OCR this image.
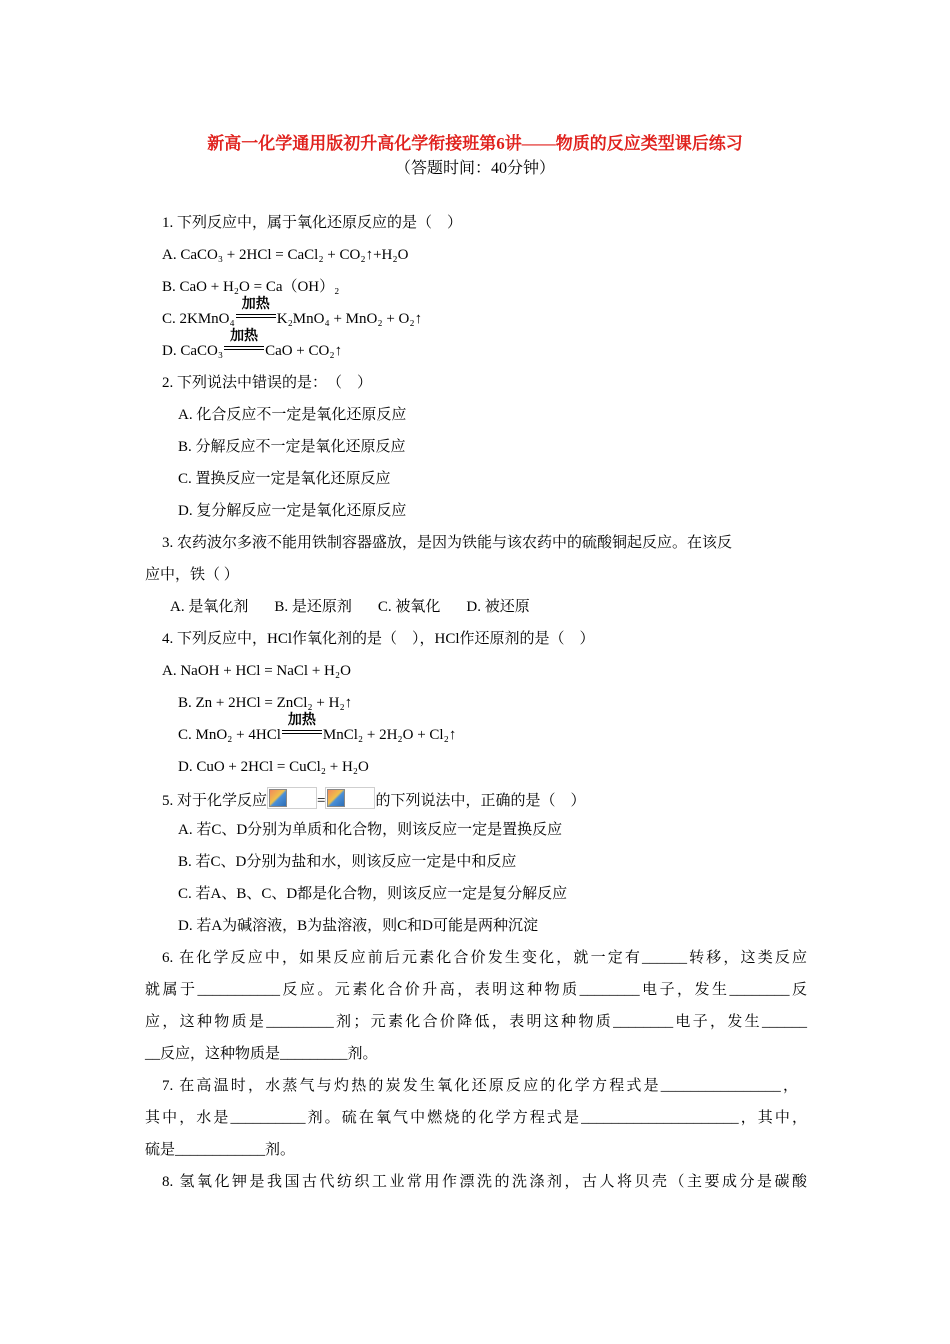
新高一化学通用版初升高化学衔接班第6讲——物质的反应类型课后练习
（答题时间：40分钟）
1. 下列反应中，属于氧化还原反应的是（　）
A. CaCO₃ + 2HCl = CaCl₂ + CO₂↑+H₂O
B. CaO + H₂O = Ca（OH）₂
C. 2KMnO₄
加热
K₂MnO₄ + MnO₂ + O₂↑
D. CaCO₃
加热
CaO + CO₂↑
2. 下列说法中错误的是：　（　）
A. 化合反应不一定是氧化还原反应
B. 分解反应不一定是氧化还原反应
C. 置换反应一定是氧化还原反应
D. 复分解反应一定是氧化还原反应
3. 农药波尔多液不能用铁制容器盛放，是因为铁能与该农药中的硫酸铜起反应。在该反
应中，铁（ ）
A. 是氧化剂 B. 是还原剂 C. 被氧化 D. 被还原
4. 下列反应中，HCl作氧化剂的是（　），HCl作还原剂的是（　）
A. NaOH + HCl = NaCl + H₂O
B. Zn + 2HCl = ZnCl₂ + H₂↑
C. MnO₂ + 4HCl
加热
MnCl₂ + 2H₂O + Cl₂↑
D. CuO + 2HCl = CuCl₂ + H₂O
5. 对于化学反应	=	的下列说法中，正确的是（　）
A. 若C、D分别为单质和化合物，则该反应一定是置换反应
B. 若C、D分别为盐和水，则该反应一定是中和反应
C. 若A、B、C、D都是化合物，则该反应一定是复分解反应
D. 若A为碱溶液，B为盐溶液，则C和D可能是两种沉淀
6. 在化学反应中，如果反应前后元素化合价发生变化，就一定有______转移，这类反应
就属于___________反应。元素化合价升高，表明这种物质________电子，发生________反
应，这种物质是_________剂；元素化合价降低，表明这种物质________电子，发生______
__反应，这种物质是_________剂。
7. 在高温时，水蒸气与灼热的炭发生氧化还原反应的化学方程式是________________，
其中，水是__________剂。硫在氧气中燃烧的化学方程式是_____________________，其中，
硫是____________剂。
8. 氢氧化钾是我国古代纺织工业常用作漂洗的洗涤剂，古人将贝壳（主要成分是碳酸
